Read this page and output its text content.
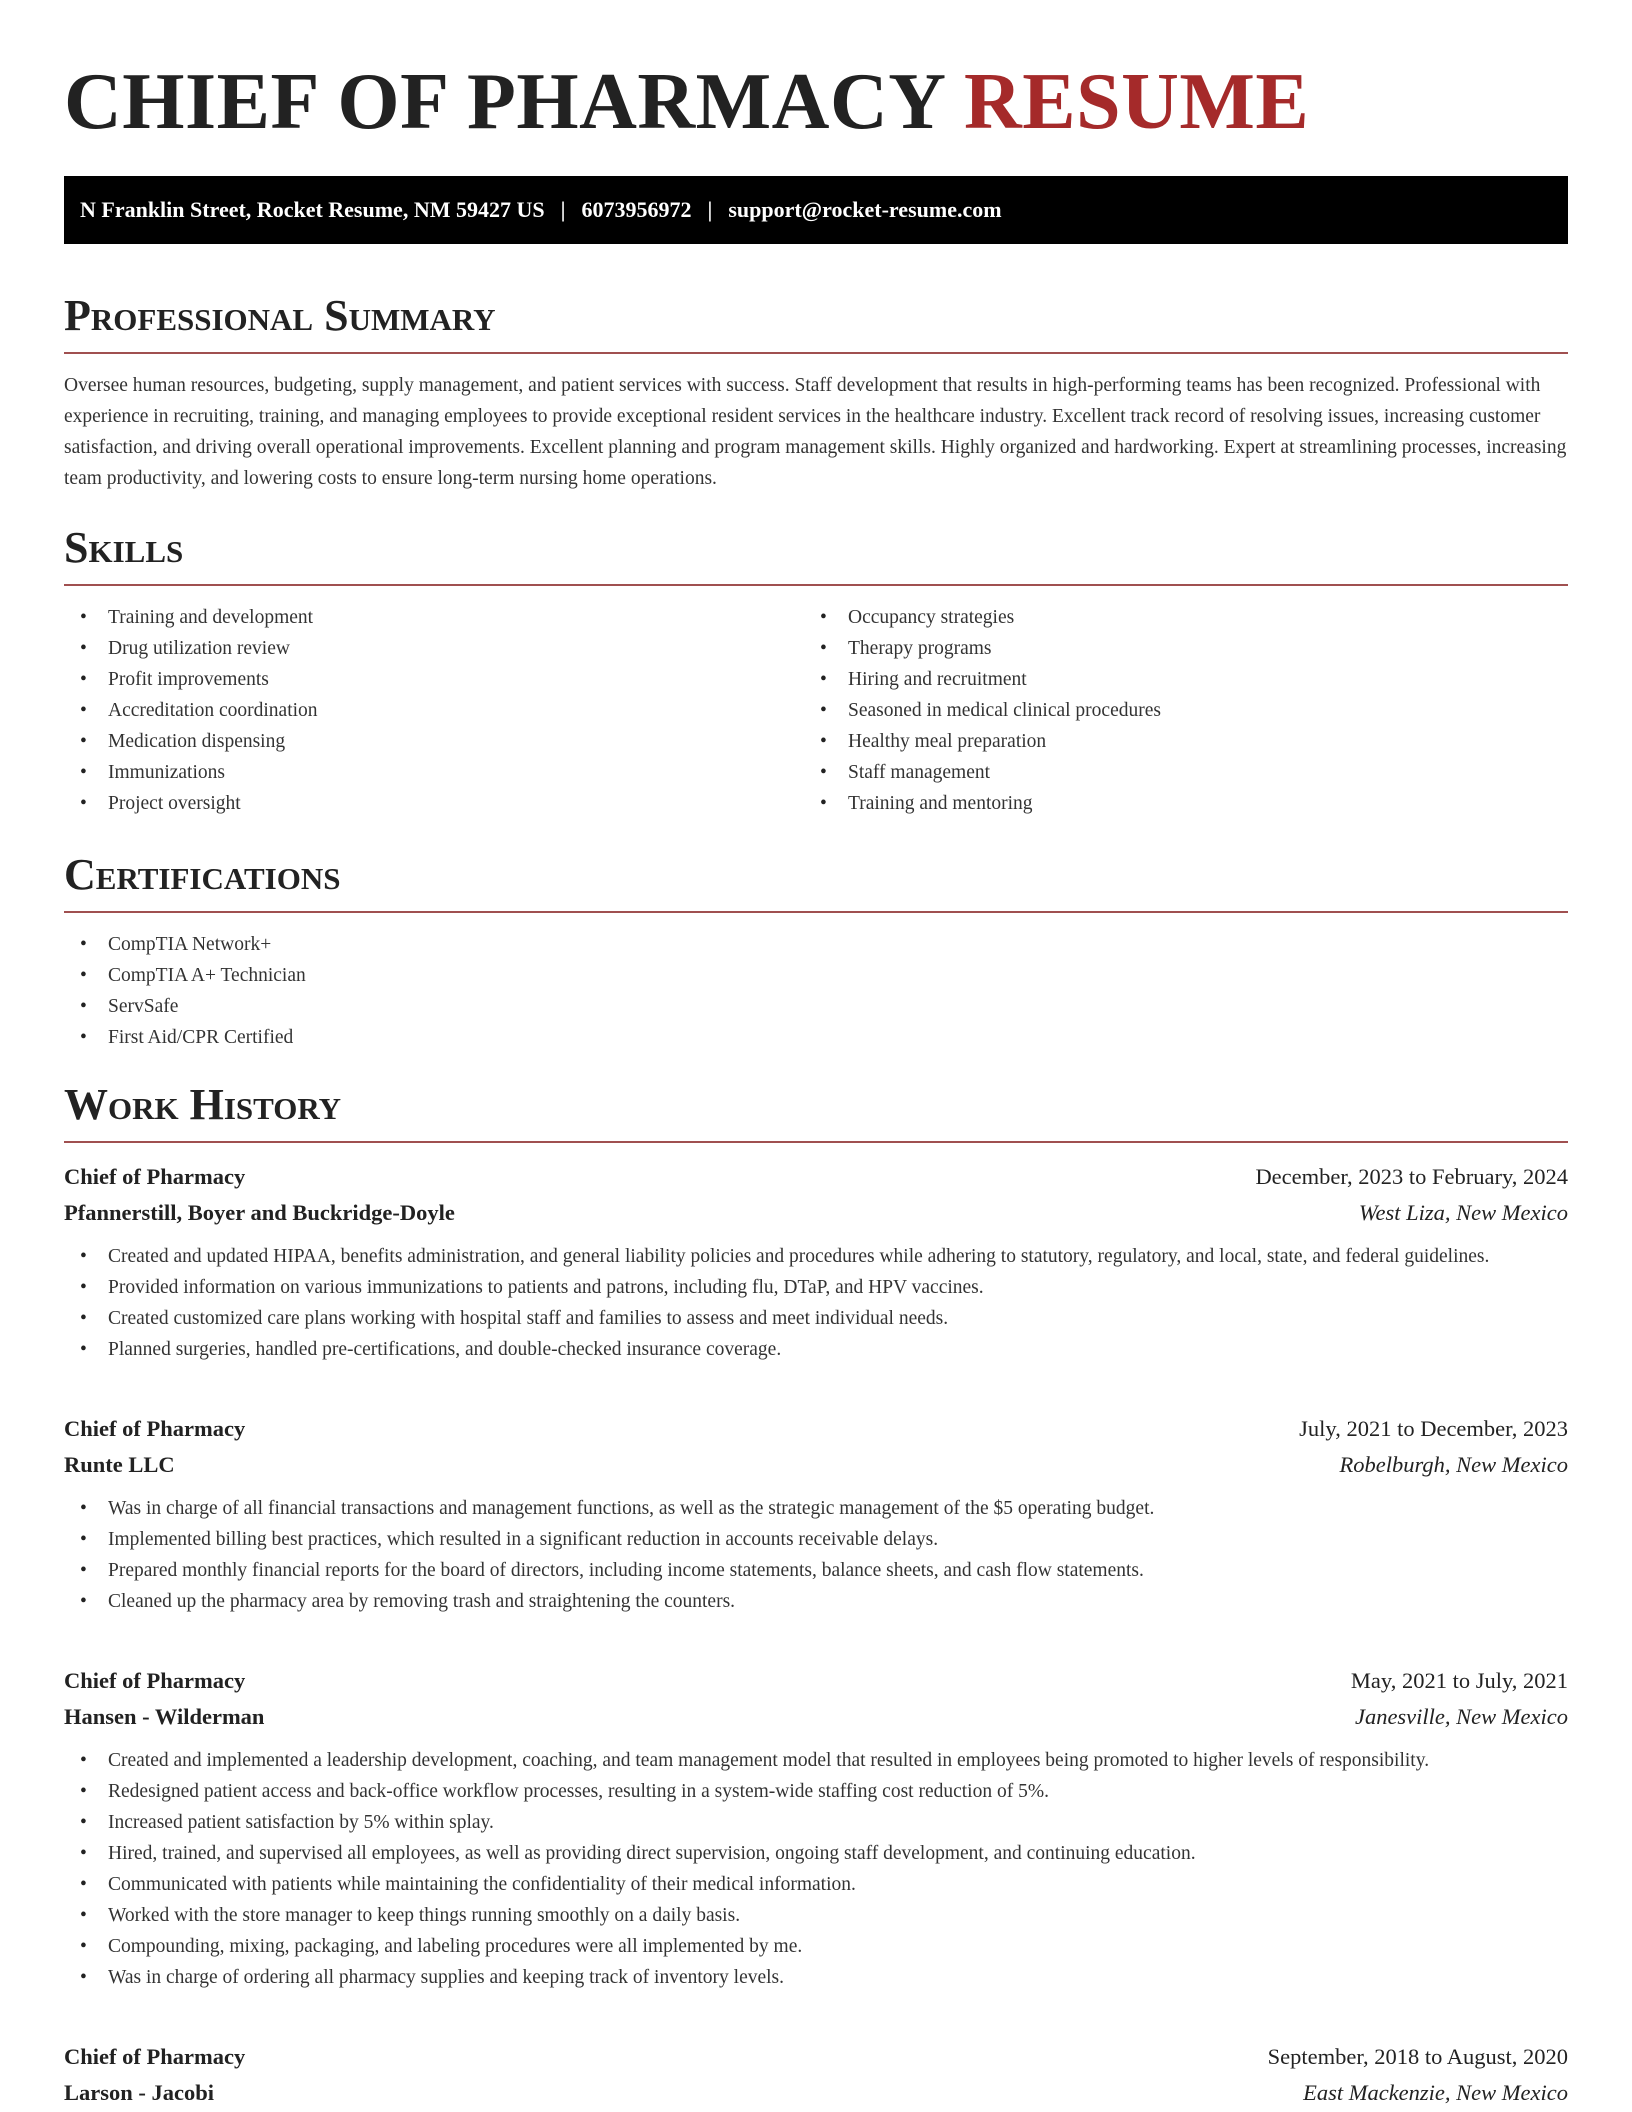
CHIEF OF PHARMACY RESUME
N Franklin Street, Rocket Resume, NM 59427 US | 6073956972 | support@rocket-resume.com
Professional Summary

Oversee human resources, budgeting, supply management, and patient services with success. Staff development that results in high-performing teams has been recognized. Professional with experience in recruiting, training, and managing employees to provide exceptional resident services in the healthcare industry. Excellent track record of resolving issues, increasing customer satisfaction, and driving overall operational improvements. Excellent planning and program management skills. Highly organized and hardworking. Expert at streamlining processes, increasing team productivity, and lowering costs to ensure long-term nursing home operations.

Skills
• Training and development
• Drug utilization review
• Profit improvements
• Accreditation coordination
• Medication dispensing
• Immunizations
• Project oversight
• Occupancy strategies
• Therapy programs
• Hiring and recruitment
• Seasoned in medical clinical procedures
• Healthy meal preparation
• Staff management
• Training and mentoring
Certifications
• CompTIA Network+
• CompTIA A+ Technician
• ServSafe
• First Aid/CPR Certified
Work History
Chief of Pharmacy	December, 2023 to February, 2024
Pfannerstill, Boyer and Buckridge-Doyle	West Liza, New Mexico
• Created and updated HIPAA, benefits administration, and general liability policies and procedures while adhering to statutory, regulatory, and local, state, and federal guidelines.
• Provided information on various immunizations to patients and patrons, including flu, DTaP, and HPV vaccines.
• Created customized care plans working with hospital staff and families to assess and meet individual needs.
• Planned surgeries, handled pre-certifications, and double-checked insurance coverage.
Chief of Pharmacy	July, 2021 to December, 2023
Runte LLC	Robelburgh, New Mexico
• Was in charge of all financial transactions and management functions, as well as the strategic management of the $5 operating budget.
• Implemented billing best practices, which resulted in a significant reduction in accounts receivable delays.
• Prepared monthly financial reports for the board of directors, including income statements, balance sheets, and cash flow statements.
• Cleaned up the pharmacy area by removing trash and straightening the counters.
Chief of Pharmacy	May, 2021 to July, 2021
Hansen - Wilderman	Janesville, New Mexico
• Created and implemented a leadership development, coaching, and team management model that resulted in employees being promoted to higher levels of responsibility.
• Redesigned patient access and back-office workflow processes, resulting in a system-wide staffing cost reduction of 5%.
• Increased patient satisfaction by 5% within splay.
• Hired, trained, and supervised all employees, as well as providing direct supervision, ongoing staff development, and continuing education.
• Communicated with patients while maintaining the confidentiality of their medical information.
• Worked with the store manager to keep things running smoothly on a daily basis.
• Compounding, mixing, packaging, and labeling procedures were all implemented by me.
• Was in charge of ordering all pharmacy supplies and keeping track of inventory levels.
Chief of Pharmacy	September, 2018 to August, 2020
Larson - Jacobi	East Mackenzie, New Mexico
